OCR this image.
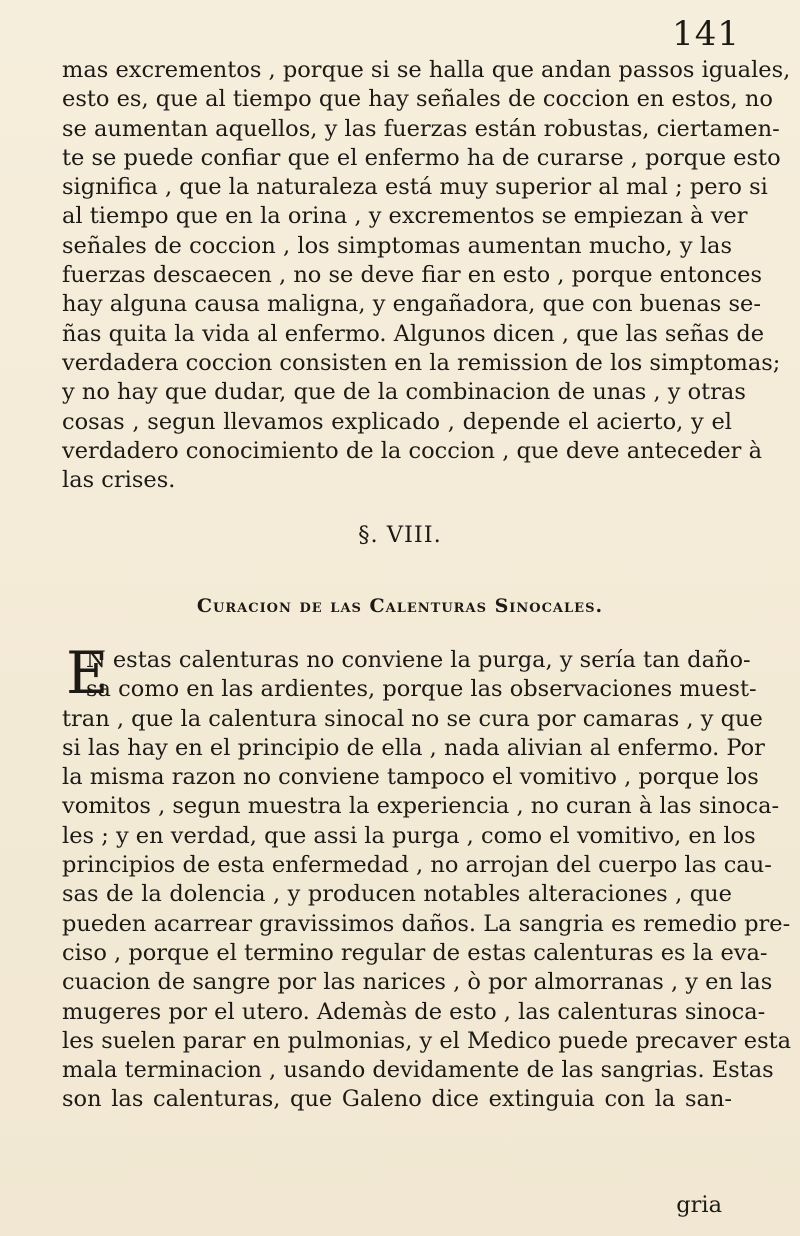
141
mas excrementos , porque si se halla que andan passos iguales,
esto es, que al tiempo que hay señales de coccion en estos, no
se aumentan aquellos, y las fuerzas están robustas, ciertamen-
te se puede confiar que el enfermo ha de curarse , porque esto
significa , que la naturaleza está muy superior al mal ; pero si
al tiempo que en la orina , y excrementos se empiezan à ver
señales de coccion , los simptomas aumentan mucho, y las
fuerzas descaecen , no se deve fiar en esto , porque entonces
hay alguna causa maligna, y engañadora, que con buenas se-
ñas quita la vida al enfermo. Algunos dicen , que las señas de
verdadera coccion consisten en la remission de los simptomas;
y no hay que dudar, que de la combinacion de unas , y otras
cosas , segun llevamos explicado , depende el acierto, y el
verdadero conocimiento de la coccion , que deve anteceder à
las crises.
§. VIII.
Curacion de las Calenturas Sinocales.
E
N estas calenturas no conviene la purga, y sería tan daño-
sa como en las ardientes, porque las observaciones muest-
tran , que la calentura sinocal no se cura por camaras , y que
si las hay en el principio de ella , nada alivian al enfermo. Por
la misma razon no conviene tampoco el vomitivo , porque los
vomitos , segun muestra la experiencia , no curan à las sinoca-
les ; y en verdad, que assi la purga , como el vomitivo, en los
principios de esta enfermedad , no arrojan del cuerpo las cau-
sas de la dolencia , y producen notables alteraciones , que
pueden acarrear gravissimos daños. La sangria es remedio pre-
ciso , porque el termino regular de estas calenturas es la eva-
cuacion de sangre por las narices , ò por almorranas , y en las
mugeres por el utero. Ademàs de esto , las calenturas sinoca-
les suelen parar en pulmonias, y el Medico puede precaver esta
mala terminacion , usando devidamente de las sangrias. Estas
son las calenturas, que Galeno dice extinguia con la san-
gria
